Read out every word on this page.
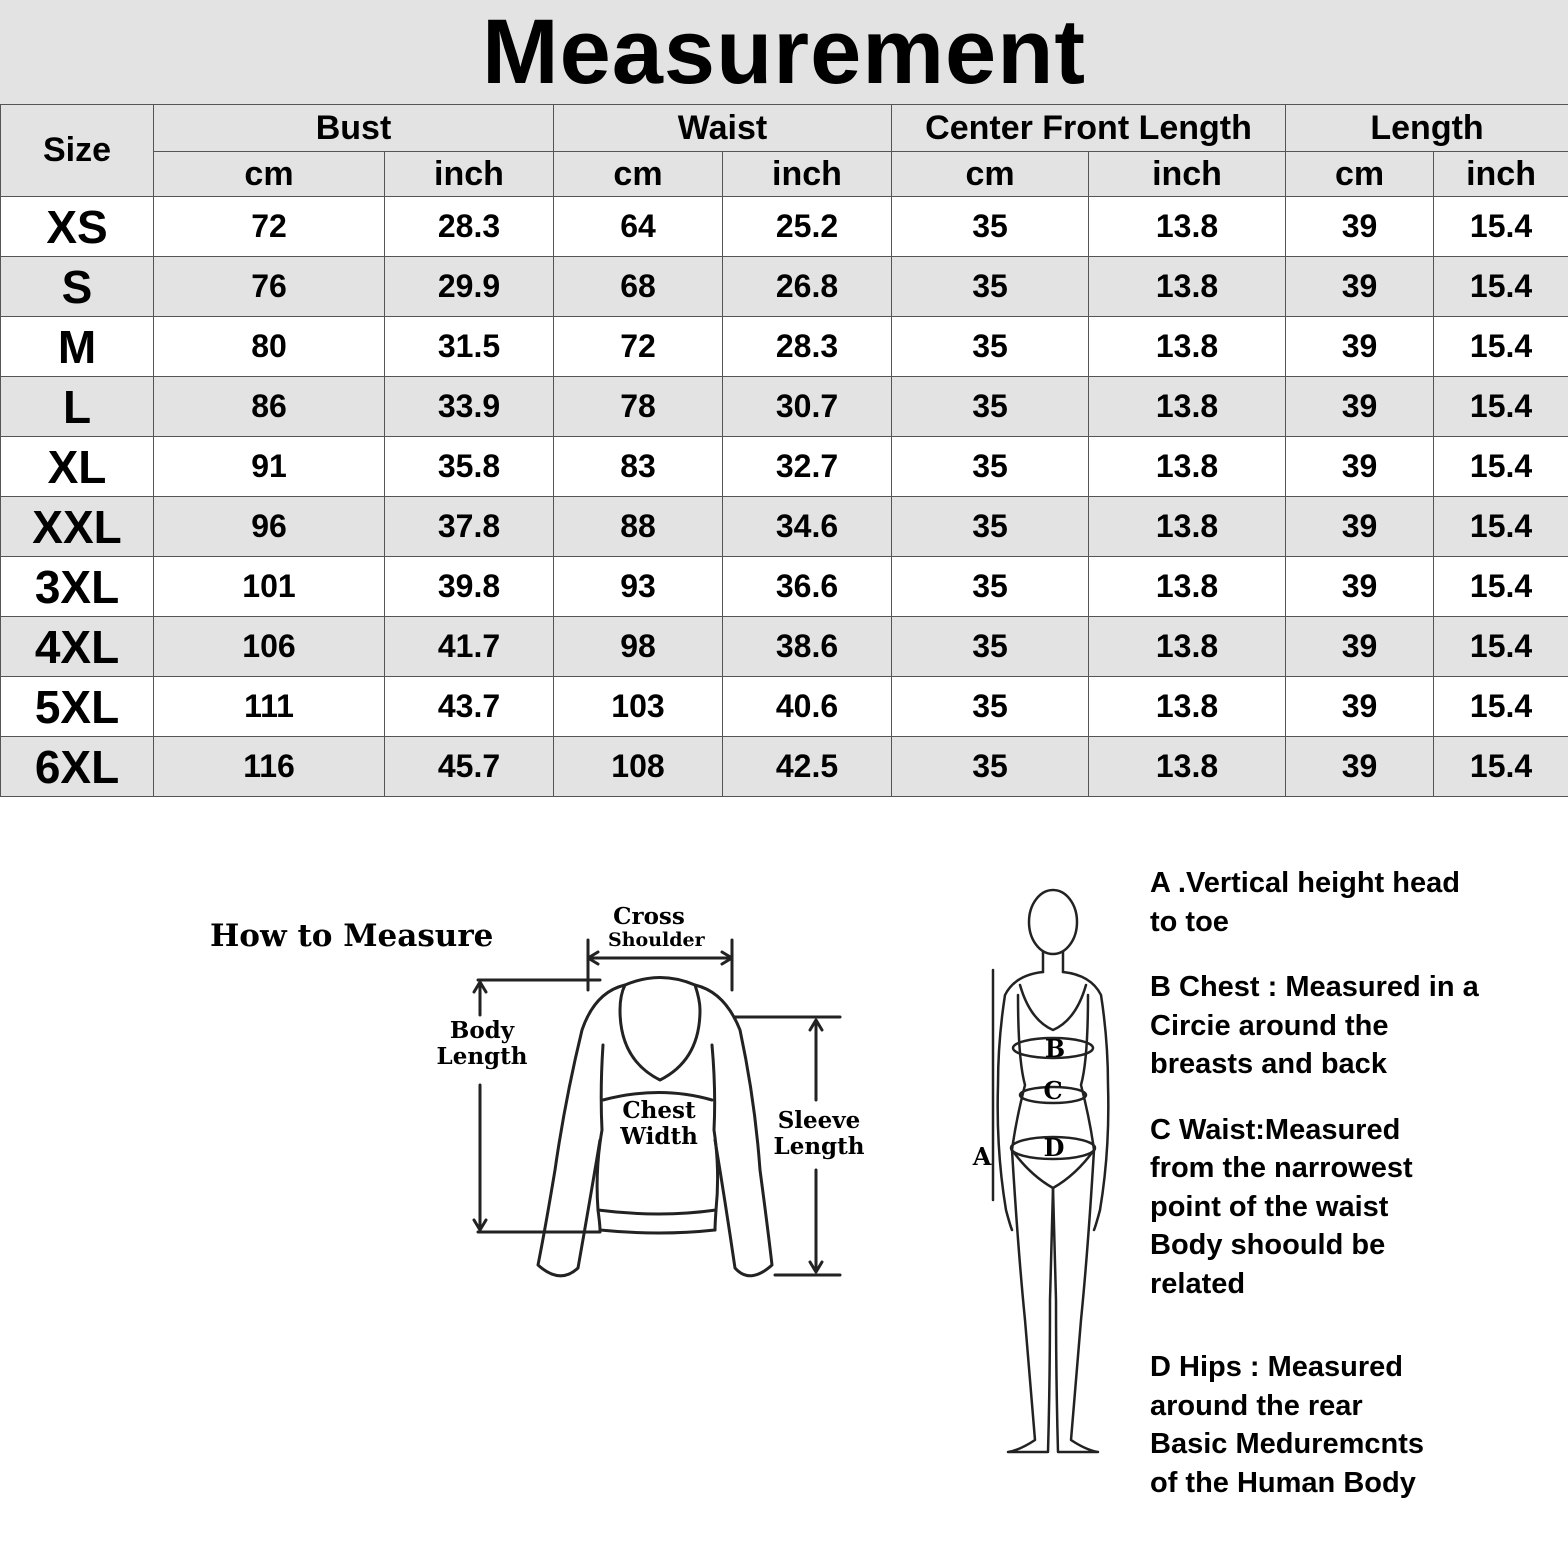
Measurement
Size	Bust		Waist		Center Front Length		Length	
	cm	inch	cm	inch	cm	inch	cm	inch
XS	72	28.3	64	25.2	35	13.8	39	15.4
S	76	29.9	68	26.8	35	13.8	39	15.4
M	80	31.5	72	28.3	35	13.8	39	15.4
L	86	33.9	78	30.7	35	13.8	39	15.4
XL	91	35.8	83	32.7	35	13.8	39	15.4
XXL	96	37.8	88	34.6	35	13.8	39	15.4
3XL	101	39.8	93	36.6	35	13.8	39	15.4
4XL	106	41.7	98	38.6	35	13.8	39	15.4
5XL	111	43.7	103	40.6	35	13.8	39	15.4
6XL	116	45.7	108	42.5	35	13.8	39	15.4
How to Measure
A
B
C
D
Cross
Shoulder
Body
Length
Chest
Width
Sleeve
Length

A .Vertical height head
to toe

B Chest : Measured in a
Circie around the
breasts and back

C Waist:Measured
from the narrowest
point of the waist
Body shoould be
related

D Hips : Measured
around the rear
Basic Meduremcnts
of the Human Body
